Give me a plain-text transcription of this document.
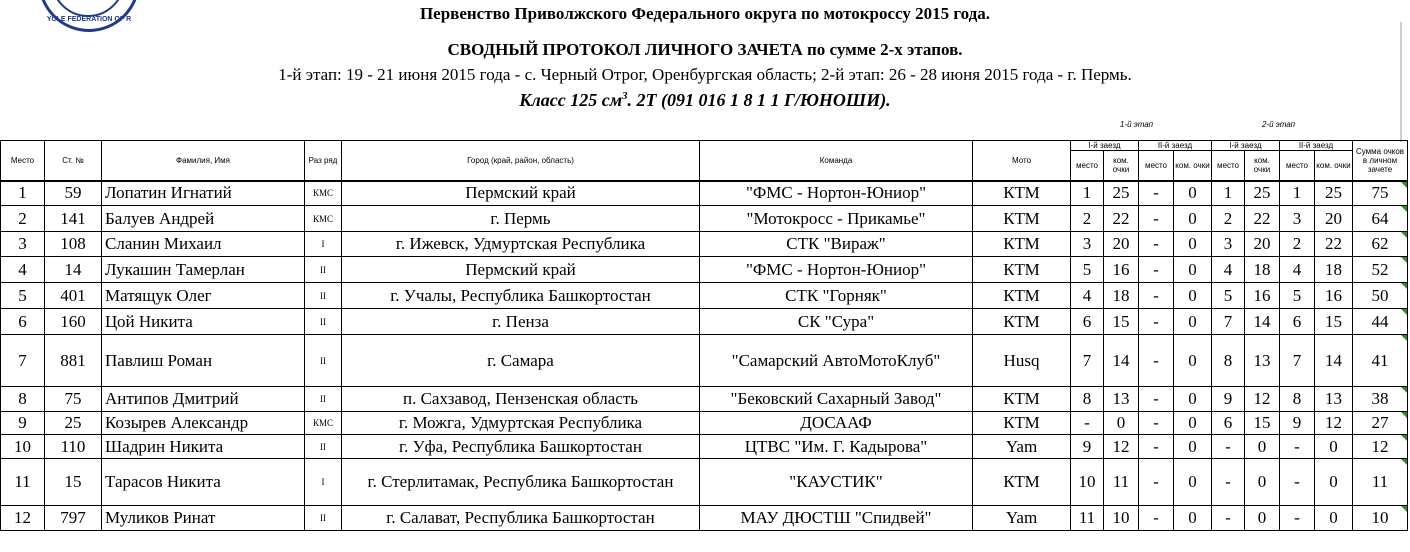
YCLE FEDERATION OF R	Первенство Приволжского Федерального округа по мотокроссу 2015 года.
СВОДНЫЙ ПРОТОКОЛ ЛИЧНОГО ЗАЧЕТА по сумме 2-х этапов.
1-й этап: 19 - 21 июня 2015 года - с. Черный Отрог, Оренбургская область; 2-й этап: 26 - 28 июня 2015 года - г. Пермь.
Класс 125 $см^3$. 2Т (091 016 1 8 1 1 Г/ЮНОШИ).
1-й этап	2-й этап
Место	Ст. №	Фамилия, Имя	Раз ряд	Город (край, район, область)	Команда	Мото	I-й заезд		II-й заезд		I-й заезд		II-й заезд		Сумма очков в личном зачете
							место	ком. очки	место	ком. очки	место	ком. очки	место	ком. очки	
1	59	Лопатин Игнатий	КМС	Пермский край	"ФМС - Нортон-Юниор"	КТМ	1	25	-	0	1	25	1	25	75

2	141	Балуев Андрей	КМС	г. Пермь	"Мотокросс - Прикамье"	КТМ	2	22	-	0	2	22	3	20	64

3	108	Сланин Михаил	I	г. Ижевск, Удмуртская Республика	СТК "Вираж"	КТМ	3	20	-	0	3	20	2	22	62

4	14	Лукашин Тамерлан	II	Пермский край	"ФМС - Нортон-Юниор"	КТМ	5	16	-	0	4	18	4	18	52

5	401	Матящук Олег	II	г. Учалы, Республика Башкортостан	СТК "Горняк"	КТМ	4	18	-	0	5	16	5	16	50

6	160	Цой Никита	II	г. Пенза	СК "Сура"	КТМ	6	15	-	0	7	14	6	15	44

7	881	Павлиш Роман	II	г. Самара	"Самарский АвтоМотоКлуб"	Husq	7	14	-	0	8	13	7	14	41

8	75	Антипов Дмитрий	II	п. Сахзавод, Пензенская область	"Бековский Сахарный Завод"	КТМ	8	13	-	0	9	12	8	13	38

9	25	Козырев Александр	КМС	г. Можга, Удмуртская Республика	ДОСААФ	КТМ	-	0	-	0	6	15	9	12	27

10	110	Шадрин Никита	II	г. Уфа, Республика Башкортостан	ЦТВС "Им. Г. Кадырова"	Yam	9	12	-	0	-	0	-	0	12

11	15	Тарасов Никита	I	г. Стерлитамак, Республика Башкортостан	"КАУСТИК"	КТМ	10	11	-	0	-	0	-	0	11

12	797	Муликов Ринат	II	г. Салават, Республика Башкортостан	МАУ ДЮСТШ "Спидвей"	Yam	11	10	-	0	-	0	-	0	10
